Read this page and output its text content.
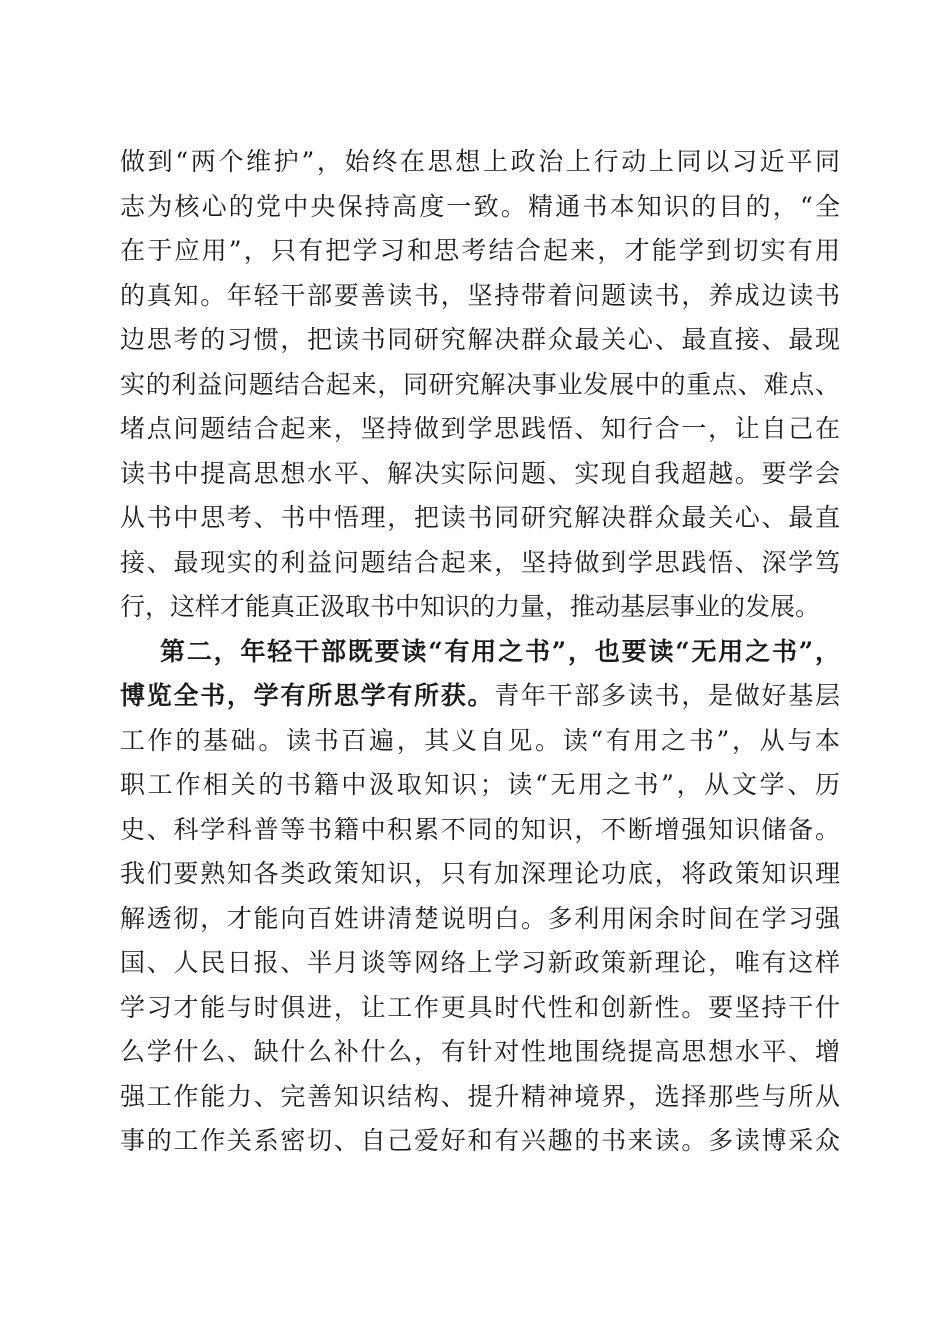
做到“两个维护”，始终在思想上政治上行动上同以习近平同
志为核心的党中央保持高度一致。精通书本知识的目的，“全
在于应用”，只有把学习和思考结合起来，才能学到切实有用
的真知。年轻干部要善读书，坚持带着问题读书，养成边读书
边思考的习惯，把读书同研究解决群众最关心、最直接、最现
实的利益问题结合起来，同研究解决事业发展中的重点、难点、
堵点问题结合起来，坚持做到学思践悟、知行合一，让自己在
读书中提高思想水平、解决实际问题、实现自我超越。要学会
从书中思考、书中悟理，把读书同研究解决群众最关心、最直
接、最现实的利益问题结合起来，坚持做到学思践悟、深学笃
行，这样才能真正汲取书中知识的力量，推动基层事业的发展。
第二，年轻干部既要读“有用之书”，也要读“无用之书”，
博览全书，学有所思学有所获。青年干部多读书，是做好基层
工作的基础。读书百遍，其义自见。读“有用之书”，从与本
职工作相关的书籍中汲取知识；读“无用之书”，从文学、历
史、科学科普等书籍中积累不同的知识，不断增强知识储备。
我们要熟知各类政策知识，只有加深理论功底，将政策知识理
解透彻，才能向百姓讲清楚说明白。多利用闲余时间在学习强
国、人民日报、半月谈等网络上学习新政策新理论，唯有这样
学习才能与时俱进，让工作更具时代性和创新性。要坚持干什
么学什么、缺什么补什么，有针对性地围绕提高思想水平、增
强工作能力、完善知识结构、提升精神境界，选择那些与所从
事的工作关系密切、自己爱好和有兴趣的书来读。多读博采众
